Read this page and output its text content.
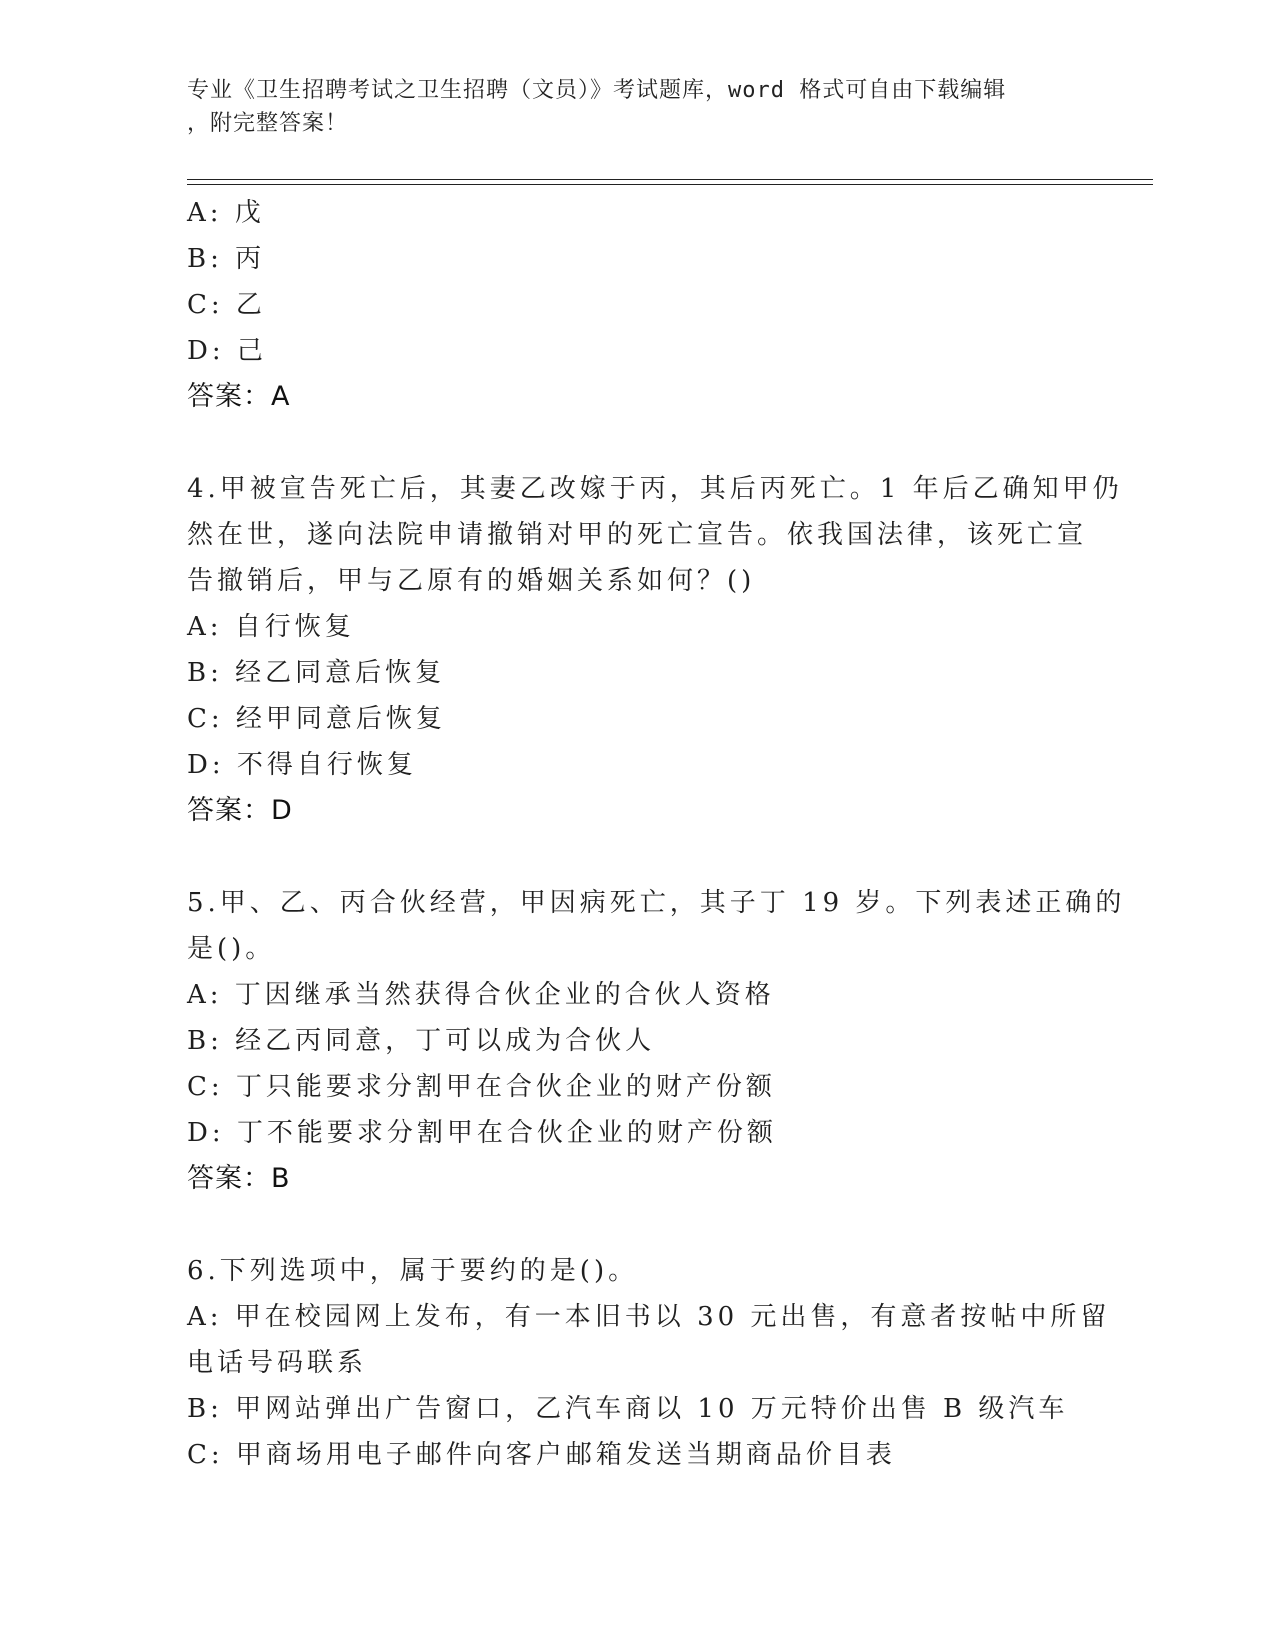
专业《卫生招聘考试之卫生招聘（文员）》考试题库，word 格式可自由下载编辑
，附完整答案！
A: 戊
B: 丙
C: 乙
D: 己
答案：A
4.甲被宣告死亡后，其妻乙改嫁于丙，其后丙死亡。1 年后乙确知甲仍
然在世，遂向法院申请撤销对甲的死亡宣告。依我国法律，该死亡宣
告撤销后，甲与乙原有的婚姻关系如何？()
A: 自行恢复
B: 经乙同意后恢复
C: 经甲同意后恢复
D: 不得自行恢复
答案：D
5.甲、乙、丙合伙经营，甲因病死亡，其子丁 19 岁。下列表述正确的
是()。
A: 丁因继承当然获得合伙企业的合伙人资格
B: 经乙丙同意，丁可以成为合伙人
C: 丁只能要求分割甲在合伙企业的财产份额
D: 丁不能要求分割甲在合伙企业的财产份额
答案：B
6.下列选项中，属于要约的是()。
A: 甲在校园网上发布，有一本旧书以 30 元出售，有意者按帖中所留
电话号码联系
B: 甲网站弹出广告窗口，乙汽车商以 10 万元特价出售 B 级汽车
C: 甲商场用电子邮件向客户邮箱发送当期商品价目表
